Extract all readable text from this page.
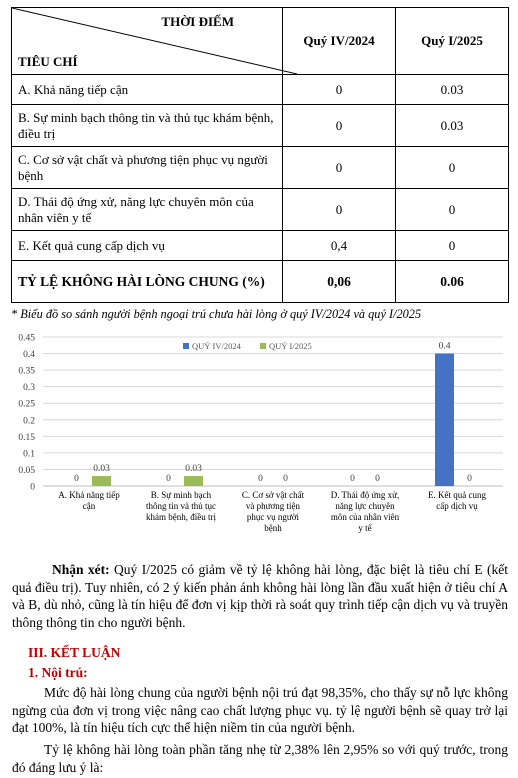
THỜI ĐIỂM
TIÊU CHÍ	Quý IV/2024	Quý I/2025
A. Khả năng tiếp cận	0	0.03
B. Sự minh bạch thông tin và thủ tục khám bệnh, điều trị	0	0.03
C. Cơ sở vật chất và phương tiện phục vụ người bệnh	0	0
D. Thái độ ứng xử, năng lực chuyên môn của nhân viên y tế	0	0
E. Kết quả cung cấp dịch vụ	0,4	0
TỶ LỆ KHÔNG HÀI LÒNG CHUNG (%)	0,06	0.06
* Biểu đồ so sánh người bệnh ngoại trú chưa hài lòng ở quý IV/2024 và quý I/2025
0
0.05
0.1
0.15
0.2
0.25
0.3
0.35
0.4
0.45
0
0.03
A. Khả năng tiếp
cận
0
0.03
B. Sự minh bạch
thông tin và thủ tục
khám bệnh, điều trị
0 0
C. Cơ sở vật chất
và phương tiện
phục vụ người
bệnh
0 0
D. Thái độ ứng xử,
năng lực chuyên
môn của nhân viên
y tế
0.4
0
E. Kết quả cung
cấp dịch vụ
QUÝ IV/2024	QUÝ I/2025
Nhận xét: Quý I/2025 có giảm về tỷ lệ không hài lòng, đặc biệt là tiêu chí E (kết quả điều trị). Tuy nhiên, có 2 ý kiến phản ánh không hài lòng lần đầu xuất hiện ở tiêu chí A và B, dù nhỏ, cũng là tín hiệu để đơn vị kịp thời rà soát quy trình tiếp cận dịch vụ và truyền thông thông tin cho người bệnh.
III. KẾT LUẬN
1. Nội trú:
Mức độ hài lòng chung của người bệnh nội trú đạt 98,35%, cho thấy sự nỗ lực không ngừng của đơn vị trong việc nâng cao chất lượng phục vụ. tỷ lệ người bệnh sẽ quay trở lại đạt 100%, là tín hiệu tích cực thể hiện niềm tin của người bệnh.
Tỷ lệ không hài lòng toàn phần tăng nhẹ từ 2,38% lên 2,95% so với quý trước, trong đó đáng lưu ý là:
